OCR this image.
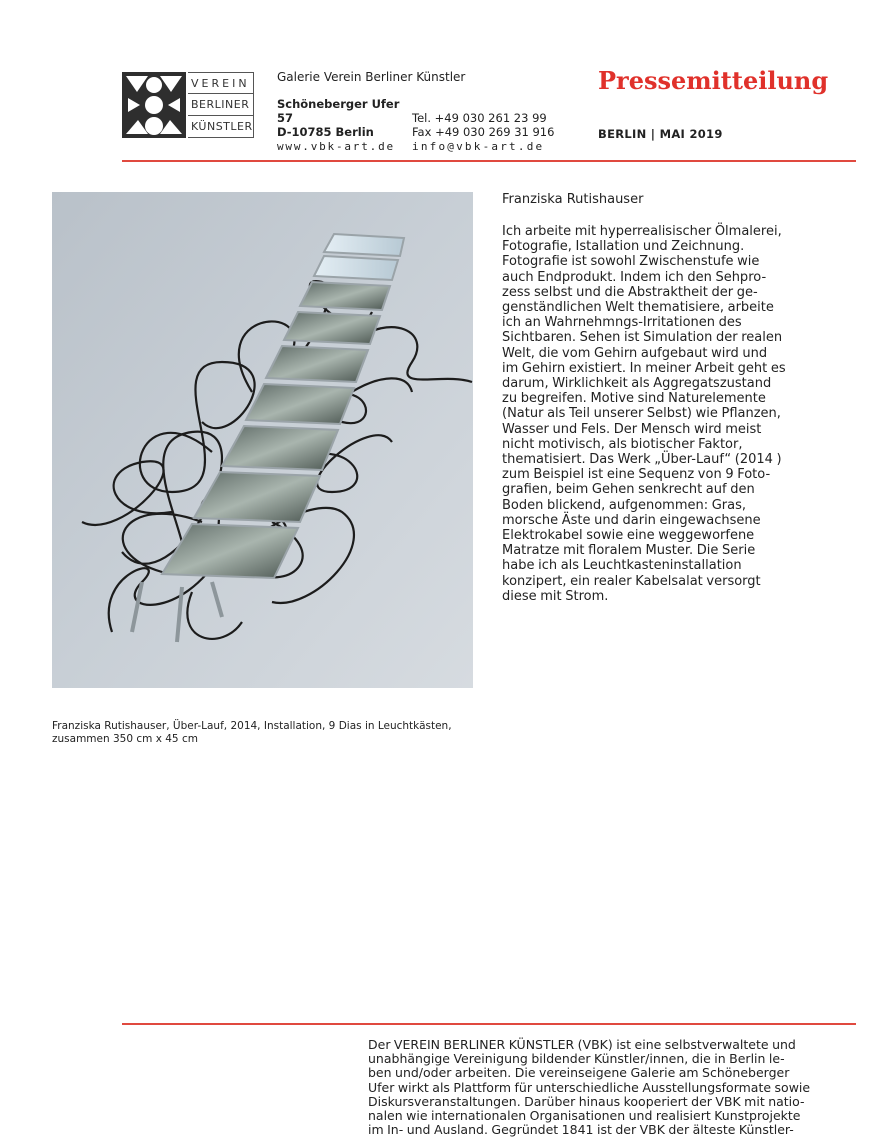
VEREIN
BERLINER
KÜNSTLER
Galerie Verein Berliner Künstler
Schöneberger Ufer 57	Tel. +49 030 261 23 99
D-10785 Berlin	Fax +49 030 269 31 916
www.vbk-art.de info@vbk-art.de
Pressemitteilung
BERLIN | MAI 2019
Franziska Rutishauser, Über-Lauf, 2014, Installation, 9 Dias in Leuchtkästen,
zusammen 350 cm x 45 cm
Franziska Rutishauser
Ich arbeite mit hyperrealisischer Ölmalerei,
Fotografie, Istallation und Zeichnung.
Fotografie ist sowohl Zwischenstufe wie
auch Endprodukt. Indem ich den Sehpro-
zess selbst und die Abstraktheit der ge-
genständlichen Welt thematisiere, arbeite
ich an Wahrnehmngs-Irritationen des
Sichtbaren. Sehen ist Simulation der realen
Welt, die vom Gehirn aufgebaut wird und
im Gehirn existiert. In meiner Arbeit geht es
darum, Wirklichkeit als Aggregatszustand
zu begreifen. Motive sind Naturelemente
(Natur als Teil unserer Selbst) wie Pflanzen,
Wasser und Fels. Der Mensch wird meist
nicht motivisch, als biotischer Faktor,
thematisiert. Das Werk „Über-Lauf“ (2014 )
zum Beispiel ist eine Sequenz von 9 Foto-
grafien, beim Gehen senkrecht auf den
Boden blickend, aufgenommen: Gras,
morsche Äste und darin eingewachsene
Elektrokabel sowie eine weggeworfene
Matratze mit floralem Muster. Die Serie
habe ich als Leuchtkasteninstallation
konzipert, ein realer Kabelsalat versorgt
diese mit Strom.
Der VEREIN BERLINER KÜNSTLER (VBK) ist eine selbstverwaltete und
unabhängige Vereinigung bildender Künstler/innen, die in Berlin le-
ben und/oder arbeiten. Die vereinseigene Galerie am Schöneberger
Ufer wirkt als Plattform für unterschiedliche Ausstellungsformate sowie
Diskursveranstaltungen. Darüber hinaus kooperiert der VBK mit natio-
nalen wie internationalen Organisationen und realisiert Kunstprojekte
im In- und Ausland. Gegründet 1841 ist der VBK der älteste Künstler-
